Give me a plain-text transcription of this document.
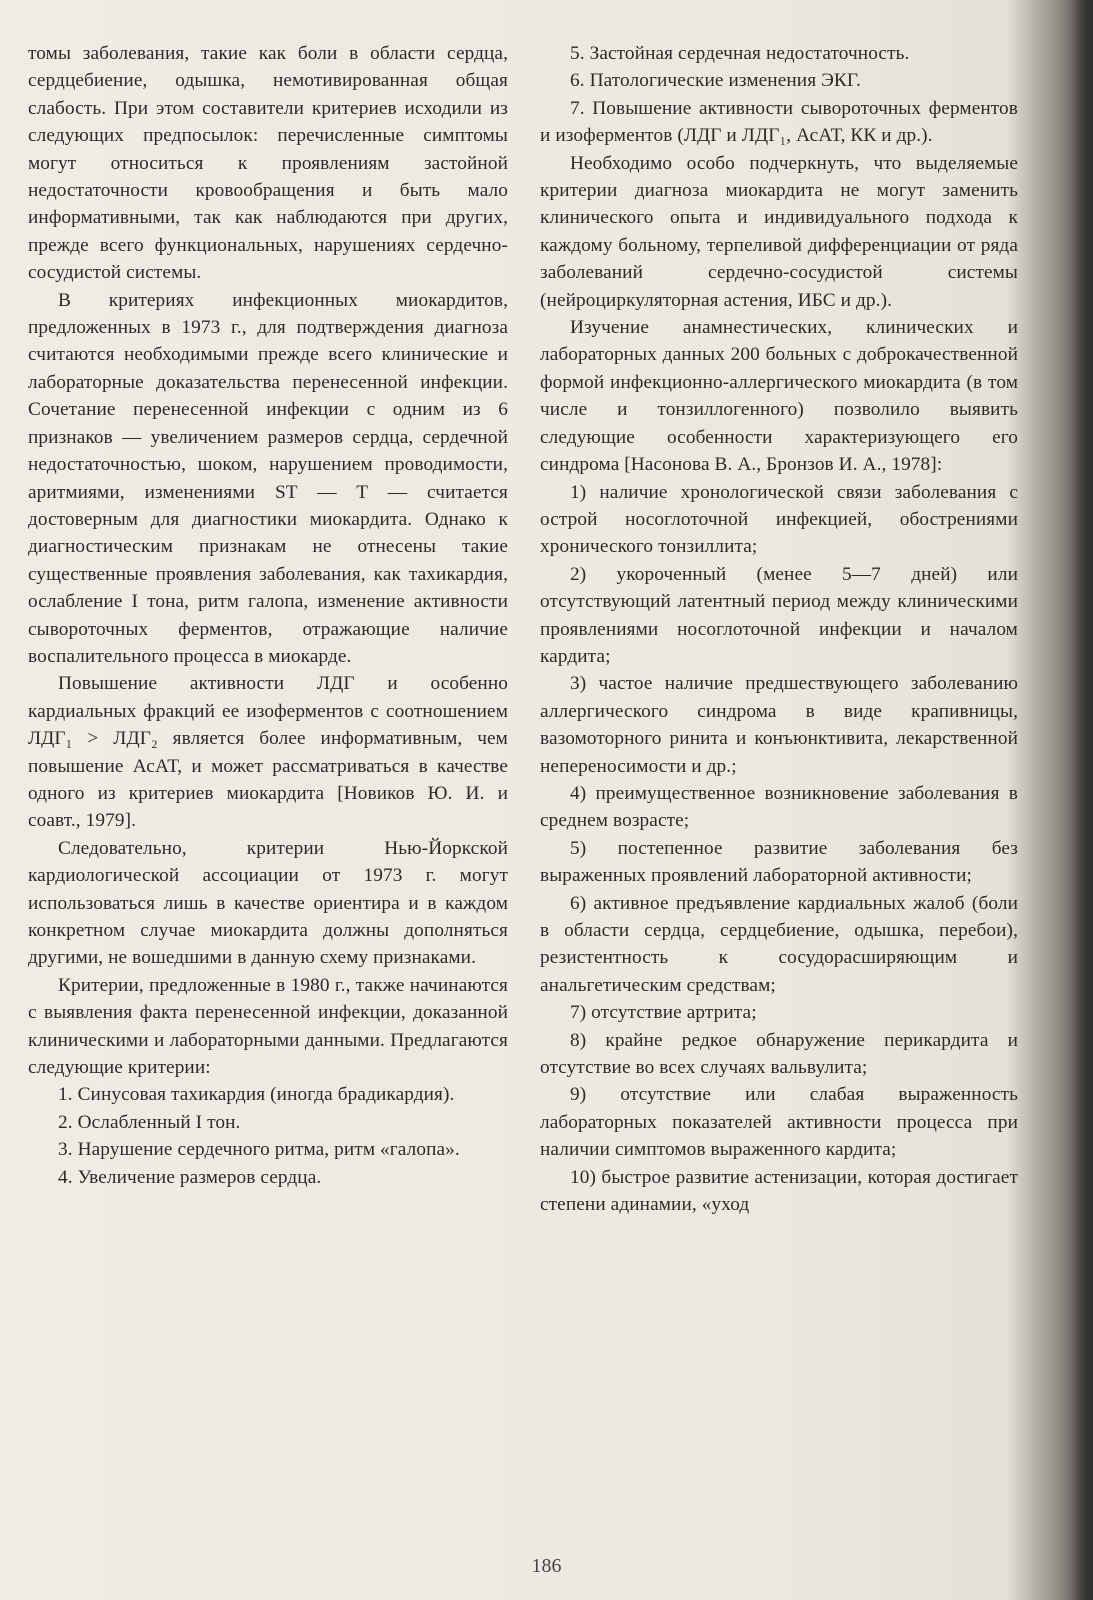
томы заболевания, такие как боли в области сердца, сердцебиение, одышка, немотивированная общая слабость. При этом составители критериев исходили из следующих предпосылок: перечисленные симптомы могут относиться к проявлениям застойной недостаточности кровообращения и быть мало информативными, так как наблюдаются при других, прежде всего функциональных, нарушениях сердечно-сосудистой системы.

В критериях инфекционных миокардитов, предложенных в 1973 г., для подтверждения диагноза считаются необходимыми прежде всего клинические и лабораторные доказательства перенесенной инфекции. Сочетание перенесенной инфекции с одним из 6 признаков — увеличением размеров сердца, сердечной недостаточностью, шоком, нарушением проводимости, аритмиями, изменениями ST — T — считается достоверным для диагностики миокардита. Однако к диагностическим признакам не отнесены такие существенные проявления заболевания, как тахикардия, ослабление I тона, ритм галопа, изменение активности сывороточных ферментов, отражающие наличие воспалительного процесса в миокарде.

Повышение активности ЛДГ и особенно кардиальных фракций ее изоферментов с соотношением ЛДГ₁ > ЛДГ₂ является более информативным, чем повышение АсАТ, и может рассматриваться в качестве одного из критериев миокардита [Новиков Ю. И. и соавт., 1979].

Следовательно, критерии Нью-Йоркской кардиологической ассоциации от 1973 г. могут использоваться лишь в качестве ориентира и в каждом конкретном случае миокардита должны дополняться другими, не вошедшими в данную схему признаками.

Критерии, предложенные в 1980 г., также начинаются с выявления факта перенесенной инфекции, доказанной клиническими и лабораторными данными. Предлагаются следующие критерии:

1. Синусовая тахикардия (иногда брадикардия).

2. Ослабленный I тон.

3. Нарушение сердечного ритма, ритм «галопа».

4. Увеличение размеров сердца.

5. Застойная сердечная недостаточность.

6. Патологические изменения ЭКГ.

7. Повышение активности сывороточных ферментов и изоферментов (ЛДГ и ЛДГ₁, АсАТ, КК и др.).

Необходимо особо подчеркнуть, что выделяемые критерии диагноза миокардита не могут заменить клинического опыта и индивидуального подхода к каждому больному, терпеливой дифференциации от ряда заболеваний сердечно-сосудистой системы (нейроциркуляторная астения, ИБС и др.).

Изучение анамнестических, клинических и лабораторных данных 200 больных с доброкачественной формой инфекционно-аллергического миокардита (в том числе и тонзиллогенного) позволило выявить следующие особенности характеризующего его синдрома [Насонова В. А., Бронзов И. А., 1978]:

1) наличие хронологической связи заболевания с острой носоглоточной инфекцией, обострениями хронического тонзиллита;

2) укороченный (менее 5—7 дней) или отсутствующий латентный период между клиническими проявлениями носоглоточной инфекции и началом кардита;

3) частое наличие предшествующего заболеванию аллергического синдрома в виде крапивницы, вазомоторного ринита и конъюнктивита, лекарственной непереносимости и др.;

4) преимущественное возникновение заболевания в среднем возрасте;

5) постепенное развитие заболевания без выраженных проявлений лабораторной активности;

6) активное предъявление кардиальных жалоб (боли в области сердца, сердцебиение, одышка, перебои), резистентность к сосудорасширяющим и анальгетическим средствам;

7) отсутствие артрита;

8) крайне редкое обнаружение перикардита и отсутствие во всех случаях вальвулита;

9) отсутствие или слабая выраженность лабораторных показателей активности процесса при наличии симптомов выраженного кардита;

10) быстрое развитие астенизации, которая достигает степени адинамии, «уход

186
